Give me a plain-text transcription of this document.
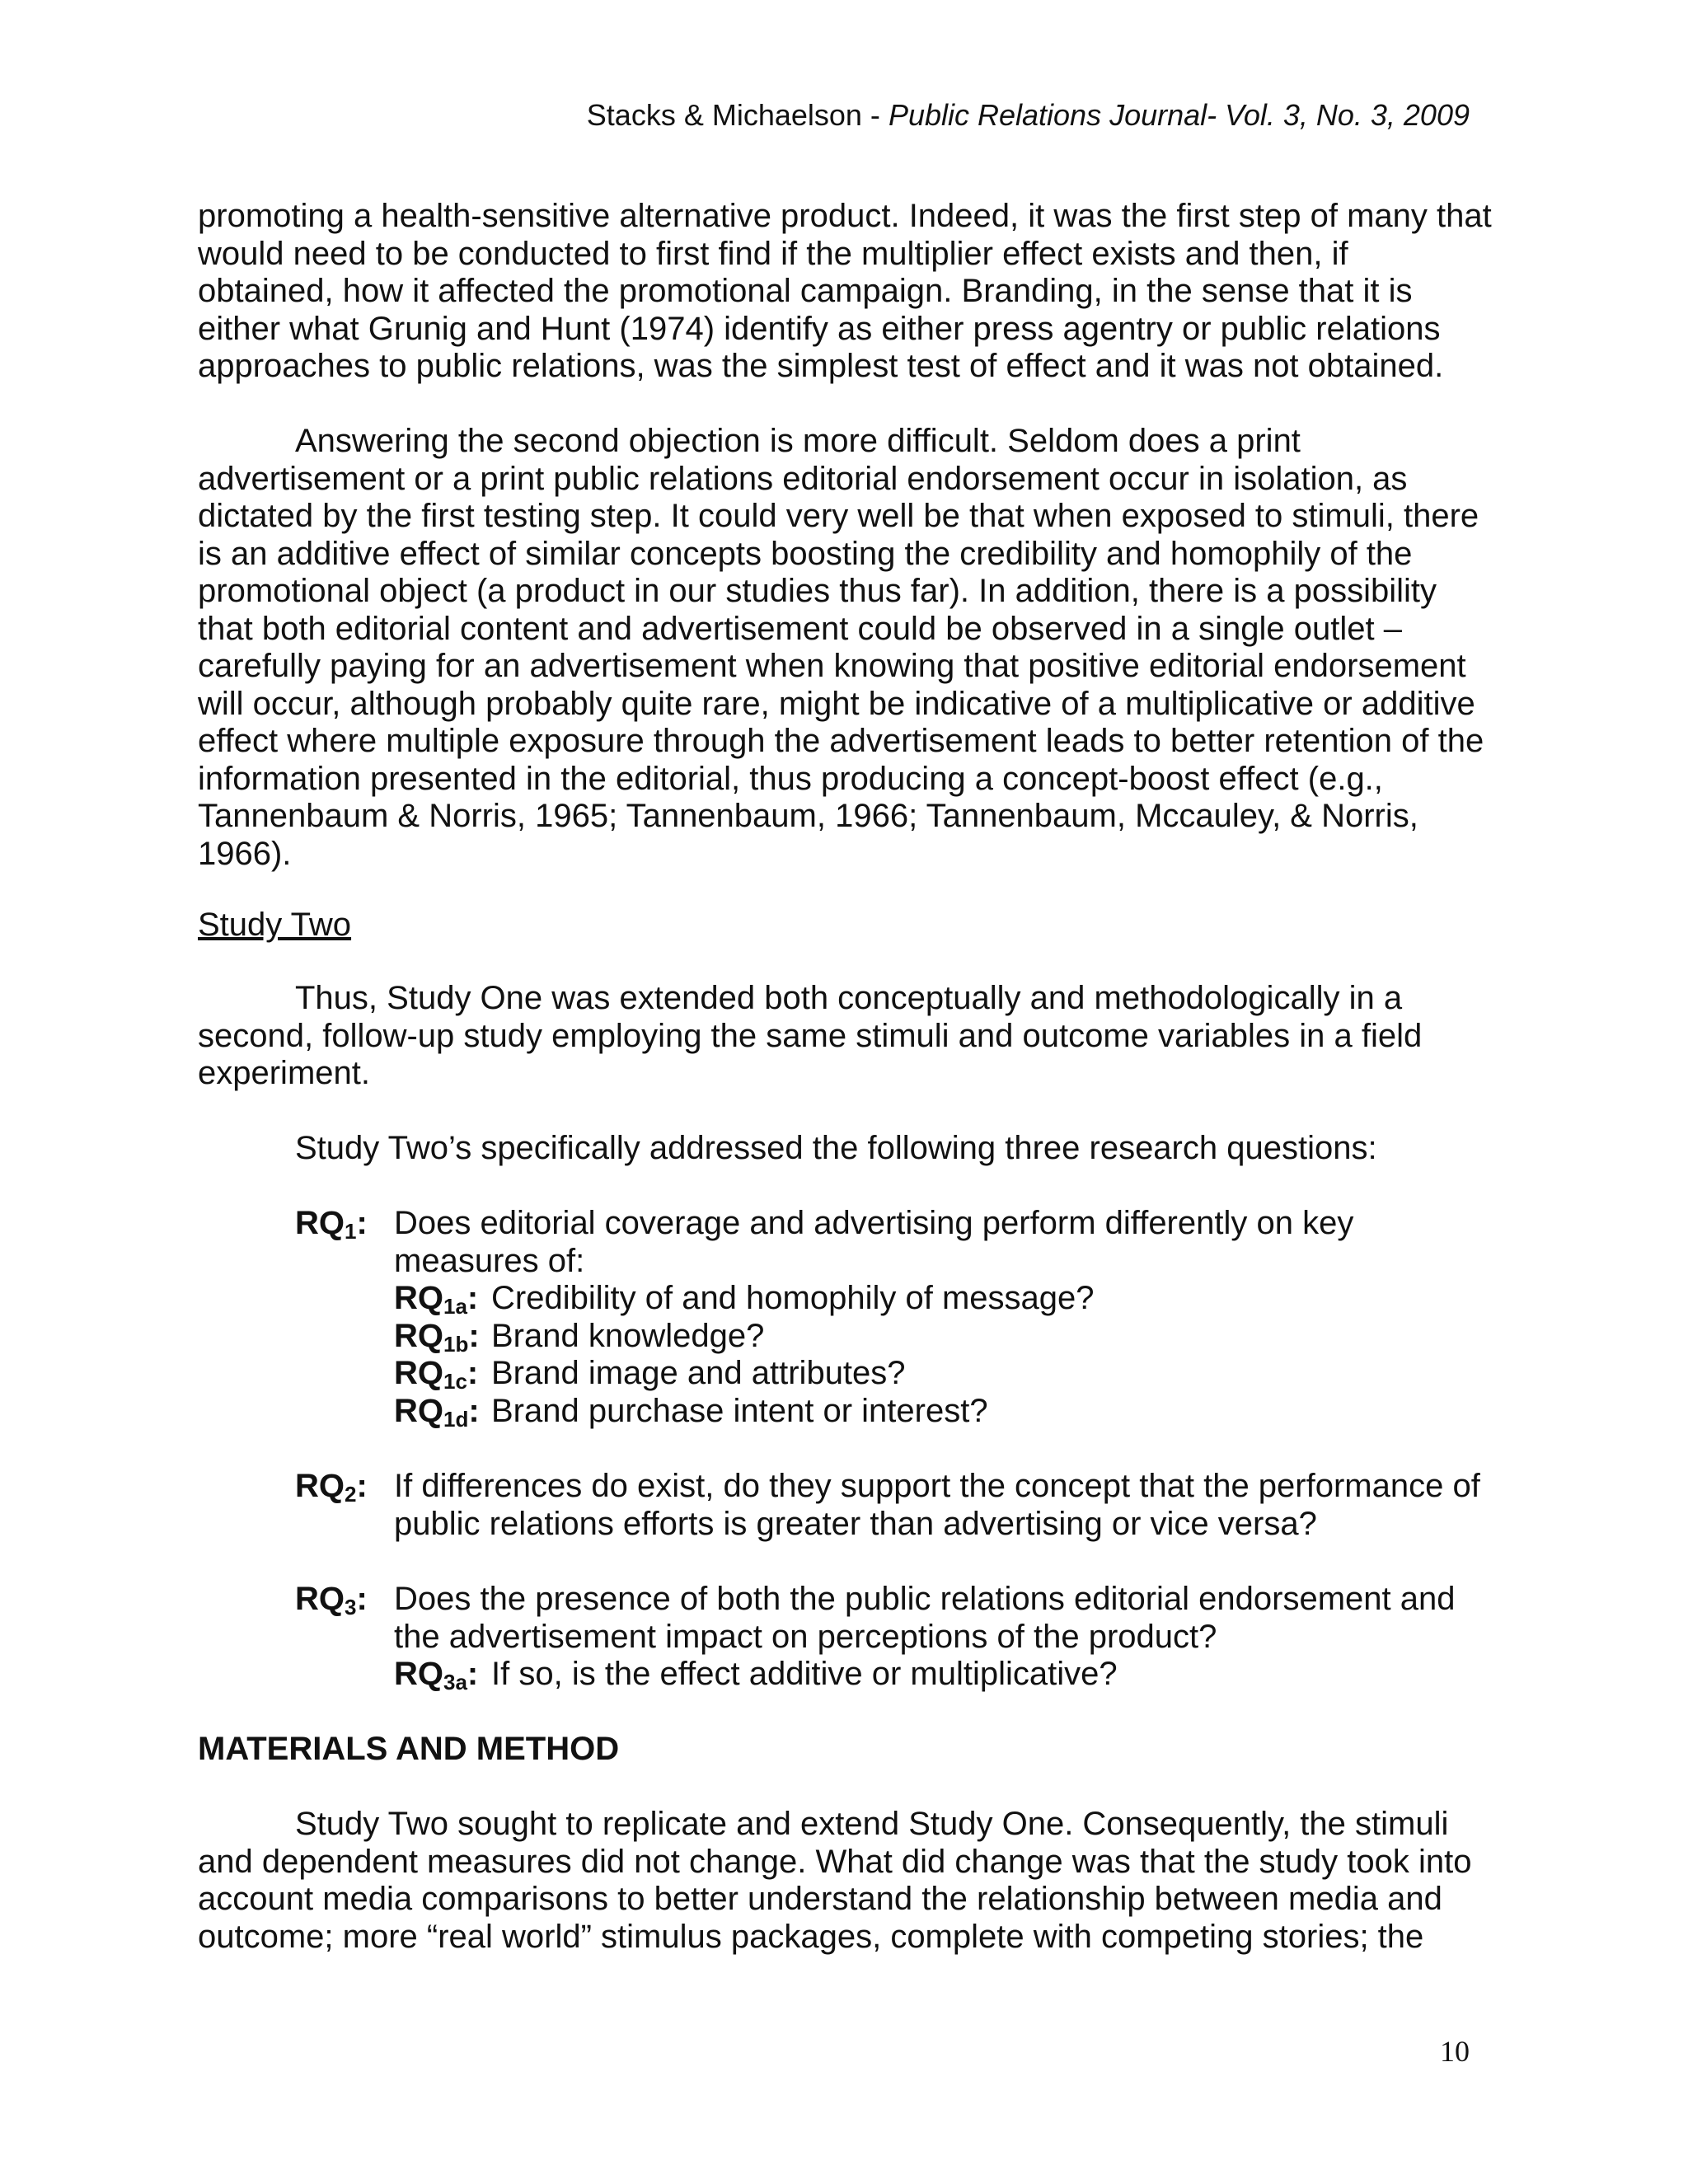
Stacks & Michaelson - Public Relations Journal- Vol. 3, No. 3, 2009

promoting a health-sensitive alternative product. Indeed, it was the first step of many that would need to be conducted to first find if the multiplier effect exists and then, if obtained, how it affected the promotional campaign. Branding, in the sense that it is either what Grunig and Hunt (1974) identify as either press agentry or public relations approaches to public relations, was the simplest test of effect and it was not obtained.

Answering the second objection is more difficult. Seldom does a print advertisement or a print public relations editorial endorsement occur in isolation, as dictated by the first testing step. It could very well be that when exposed to stimuli, there is an additive effect of similar concepts boosting the credibility and homophily of the promotional object (a product in our studies thus far). In addition, there is a possibility that both editorial content and advertisement could be observed in a single outlet – carefully paying for an advertisement when knowing that positive editorial endorsement will occur, although probably quite rare, might be indicative of a multiplicative or additive effect where multiple exposure through the advertisement leads to better retention of the information presented in the editorial, thus producing a concept-boost effect (e.g., Tannenbaum & Norris, 1965; Tannenbaum, 1966; Tannenbaum, Mccauley, & Norris, 1966).

Study Two

Thus, Study One was extended both conceptually and methodologically in a second, follow-up study employing the same stimuli and outcome variables in a field experiment.

Study Two’s specifically addressed the following three research questions:

$RQ_1$: Does editorial coverage and advertising perform differently on key measures of:
$RQ_{1a}$: Credibility of and homophily of message?
$RQ_{1b}$: Brand knowledge?
$RQ_{1c}$: Brand image and attributes?
$RQ_{1d}$: Brand purchase intent or interest?
$RQ_2$: If differences do exist, do they support the concept that the performance of public relations efforts is greater than advertising or vice versa?
$RQ_3$: Does the presence of both the public relations editorial endorsement and the advertisement impact on perceptions of the product?
$RQ_{3a}$: If so, is the effect additive or multiplicative?
MATERIALS AND METHOD

Study Two sought to replicate and extend Study One. Consequently, the stimuli and dependent measures did not change. What did change was that the study took into account media comparisons to better understand the relationship between media and outcome; more “real world” stimulus packages, complete with competing stories; the

10
